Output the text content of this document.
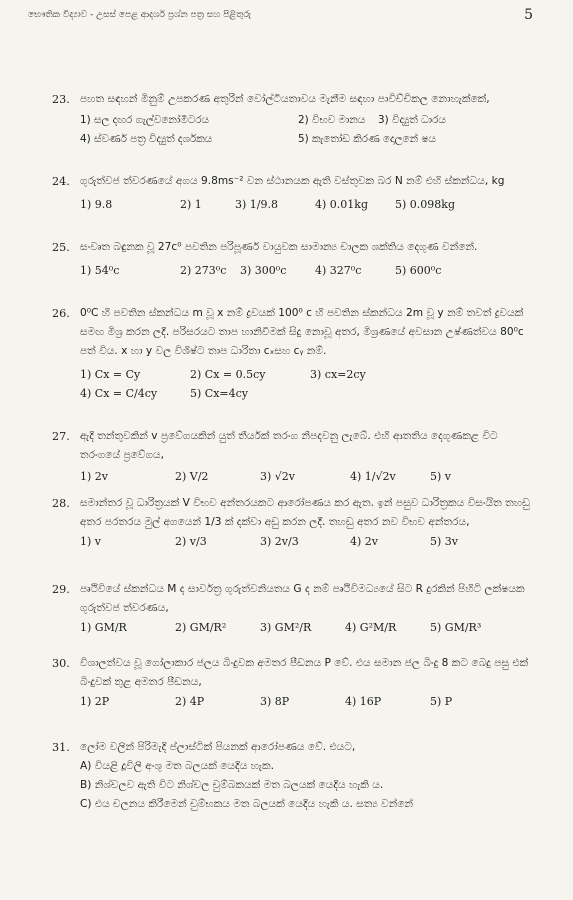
භෞතික විද්‍යාව - උසස් පෙළ ආදර්ශ ප්‍රශ්න පත්‍ර සහ පිළිතුරු	5
23. පහත සඳහන් මිනුම් උපකරණ අතුරින් වෝල්ටීයතාවය මැනීම සඳහා පාවිච්චිකල නොහැක්කේ,
1) සල දඟර ගැල්වනෝමීටරය	2) විභව මානය	3) විද්‍යුත් ධාරය
4) ස්වර්ණ පත්‍ර විද්‍යුත් දර්ශකය	5) කැතෝඩ කිරණ දොලනේ ෂය
24. ගුරුත්වජ ත්වරණයේ අගය 9.8ms⁻² වන ස්ථානයක ඇති වස්තුවක බර N නම් එහි ස්කන්ධය, kg
1) 9.8	2) 1	3) 1/9.8	4) 0.01kg	5) 0.098kg
25. සංවෘත බඳුනක වූ 27c⁰ පවතින පරිපූර්ණ වායුවක සාමාන්‍ය චාලක ශක්තිය දෙගුණ වන්නේ.
1) 54⁰c	2) 273⁰c	3) 300⁰c	4) 327⁰c	5) 600⁰c
26. 0⁰C හි පවතින ස්කන්ධය m වූ x නම් ද්‍රවයක් 100⁰ c හි පවතින ස්කන්ධය 2m වූ y නම් තවත් ද්‍රවයක් සමඟ මිශ්‍ර කරන ලදී. පරිසරයට තාප හානිවීමක් සිදු නොවූ අතර, මිශ්‍රණයේ අවසාන උෂ්ණත්වය 80⁰c පත් විය. x හා y වල විශිෂ්ට තාප ධාරිතා cₓසහ cᵧ නම්.
1) Cx = Cy	2) Cx = 0.5cy	3) cx=2cy
4) Cx = C/4cy	5) Cx=4cy
27. ඇදි තන්තුවකින් v ප්‍රවේගයකින් යුත් තීර්යක් තරංග නිපදවනු ලැබේ. එහි ආතතිය දෙගුණකළ විට තරංගයේ ප්‍රවේගය,
1) 2v	2) V/2	3) √2v	4) 1/√2v	5) v
28. සමාන්තර වූ ධාරිත්‍රයක් V විභව අන්තරයකට ආරෝපණය කර ඇත. ඉන් පසුව ධාරිත්‍රකය විසංයිත තහඩු අතර පරතරය මුල් අගයෙන් 1/3 ක් දක්වා අඩු කරන ලදී. තහඩු අතර නව විභව අන්තරය,
1) v	2) v/3	3) 2v/3	4) 2v	5) 3v
29. පෘථිවියේ ස්කන්ධය M ද සාර්වත්‍ර ගුරුත්වනියතය G ද නම් පෘථිවිමධ්‍යයේ සිට R දුරකින් පිහිටි ලක්ෂයක ගුරුත්වජ ත්වරණය,
1) GM/R	2) GM/R²	3) GM²/R	4) G²M/R	5) GM/R³
30. විශාලත්වය වූ ගෝලාකාර ජලය බිංදුවක අමතර පීඩනය P වේ. එය සමාන ජල බිංදු 8 කට බෙදු පසු එක් බිංදුවක් තුළ අමතර පීඩනය,
1) 2P	2) 4P	3) 8P	4) 16P	5) P
31. ලෝම වලින් පිරිමැදි ප්ලාස්ටික් පියනක් ආරෝපණය වේ. එයට,
A) වියළි දූවිලි අංශු මත බලයක් යෙදිය හැක.
B) නිශ්චලව ඇති විට නිශ්චල චුම්බකයක් මත බලයක් යෙදිය හැකි ය.
C) එය චලනය කිරීමෙන් චුම්භකය මත බලයක් යෙදිය හැකි ය. සත්‍ය වන්නේ
